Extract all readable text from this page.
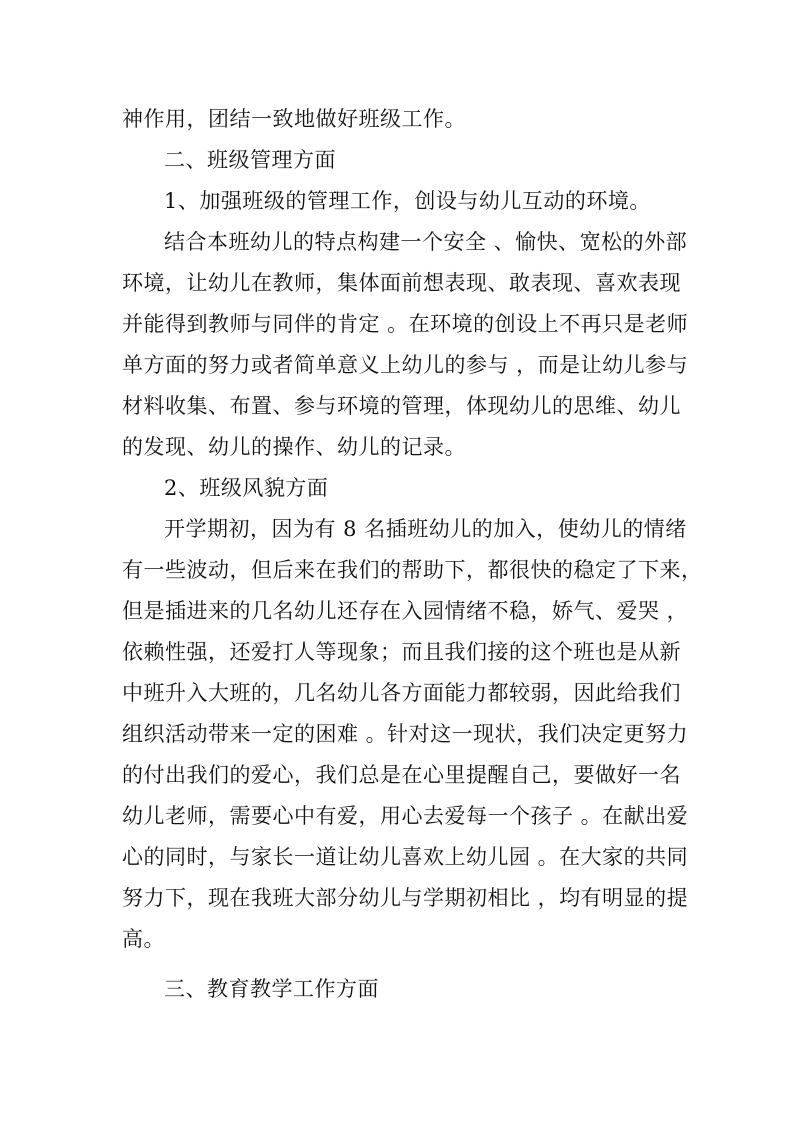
神作用，团结一致地做好班级工作。
二、班级管理方面
1、加强班级的管理工作，创设与幼儿互动的环境。
结合本班幼儿的特点构建一个安全 、愉快、宽松的外部
环境，让幼儿在教师，集体面前想表现、敢表现、喜欢表现
并能得到教师与同伴的肯定 。在环境的创设上不再只是老师
单方面的努力或者简单意义上幼儿的参与 ，而是让幼儿参与
材料收集、布置、参与环境的管理，体现幼儿的思维、幼儿
的发现、幼儿的操作、幼儿的记录。
2、班级风貌方面
开学期初，因为有 8 名插班幼儿的加入，使幼儿的情绪
有一些波动，但后来在我们的帮助下，都很快的稳定了下来，
但是插进来的几名幼儿还存在入园情绪不稳，娇气、爱哭 ，
依赖性强，还爱打人等现象；而且我们接的这个班也是从新
中班升入大班的，几名幼儿各方面能力都较弱，因此给我们
组织活动带来一定的困难 。针对这一现状，我们决定更努力
的付出我们的爱心，我们总是在心里提醒自己，要做好一名
幼儿老师，需要心中有爱，用心去爱每一个孩子 。在献出爱
心的同时，与家长一道让幼儿喜欢上幼儿园 。在大家的共同
努力下，现在我班大部分幼儿与学期初相比 ，均有明显的提
高。
三、教育教学工作方面
